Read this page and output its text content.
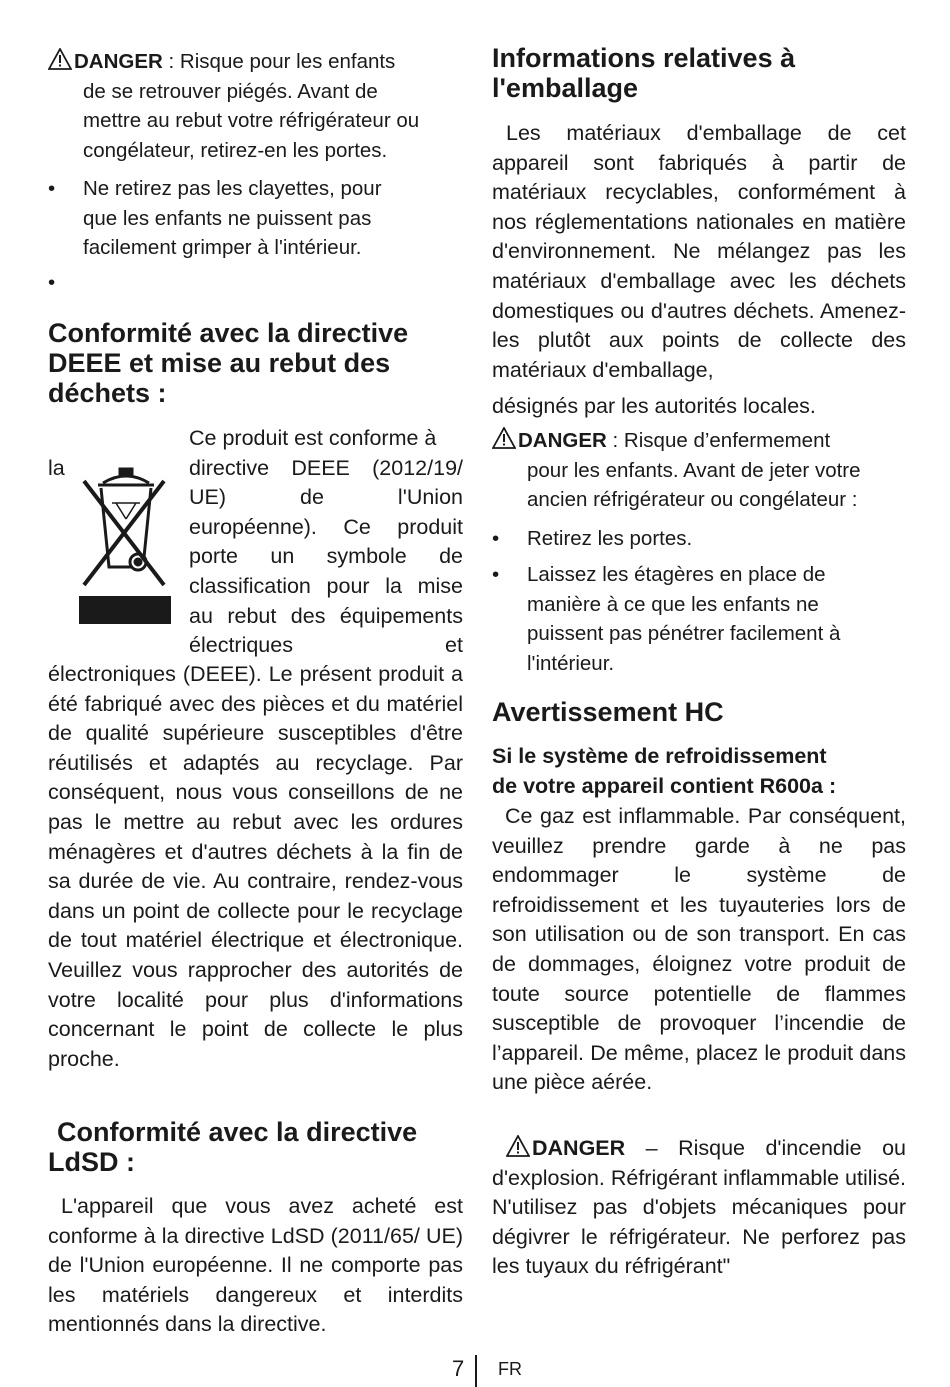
DANGER : Risque pour les enfants
de se retrouver piégés. Avant de
mettre au rebut votre réfrigérateur ou
congélateur, retirez-en les portes.
•	Ne retirez pas les clayettes, pour
que les enfants ne puissent pas
facilement grimper à l'intérieur.
•
Conformité avec la directive
DEEE et mise au rebut des
déchets :
la
Ce produit est conforme à
directive DEEE (2012/19/
UE) de l'Union
européenne). Ce produit
porte un symbole de
classification pour la mise
au rebut des équipements
électriques et
électroniques (DEEE). Le présent produit a été fabriqué avec des pièces et du matériel de qualité supérieure susceptibles d'être réutilisés et adaptés au recyclage. Par conséquent, nous vous conseillons de ne pas le mettre au rebut avec les ordures ménagères et d'autres déchets à la fin de sa durée de vie. Au contraire, rendez-vous dans un point de collecte pour le recyclage de tout matériel électrique et électronique. Veuillez vous rapprocher des autorités de votre localité pour plus d'informations concernant le point de collecte le plus proche.
Conformité avec la directive
LdSD :
L'appareil que vous avez acheté est conforme à la directive LdSD (2011/65/ UE) de l'Union européenne. Il ne comporte pas les matériels dangereux et interdits mentionnés dans la directive.
Informations relatives à
l'emballage
Les matériaux d'emballage de cet appareil sont fabriqués à partir de matériaux recyclables, conformément à nos réglementations nationales en matière d'environnement. Ne mélangez pas les matériaux d'emballage avec les déchets domestiques ou d'autres déchets. Amenez-les plutôt aux points de collecte des matériaux d'emballage,
désignés par les autorités locales.
DANGER : Risque d’enfermement
pour les enfants. Avant de jeter votre
ancien réfrigérateur ou congélateur :
•	Retirez les portes.
•	Laissez les étagères en place de
manière à ce que les enfants ne
puissent pas pénétrer facilement à
l'intérieur.
Avertissement HC
Si le système de refroidissement
de votre appareil contient R600a :
Ce gaz est inflammable. Par conséquent, veuillez prendre garde à ne pas endommager le système de refroidissement et les tuyauteries lors de son utilisation ou de son transport. En cas de dommages, éloignez votre produit de toute source potentielle de flammes susceptible de provoquer l’incendie de l’appareil. De même, placez le produit dans une pièce aérée.
DANGER – Risque d'incendie ou d'explosion. Réfrigérant inflammable utilisé. N'utilisez pas d'objets mécaniques pour dégivrer le réfrigérateur. Ne perforez pas les tuyaux du réfrigérant"
7 FR
